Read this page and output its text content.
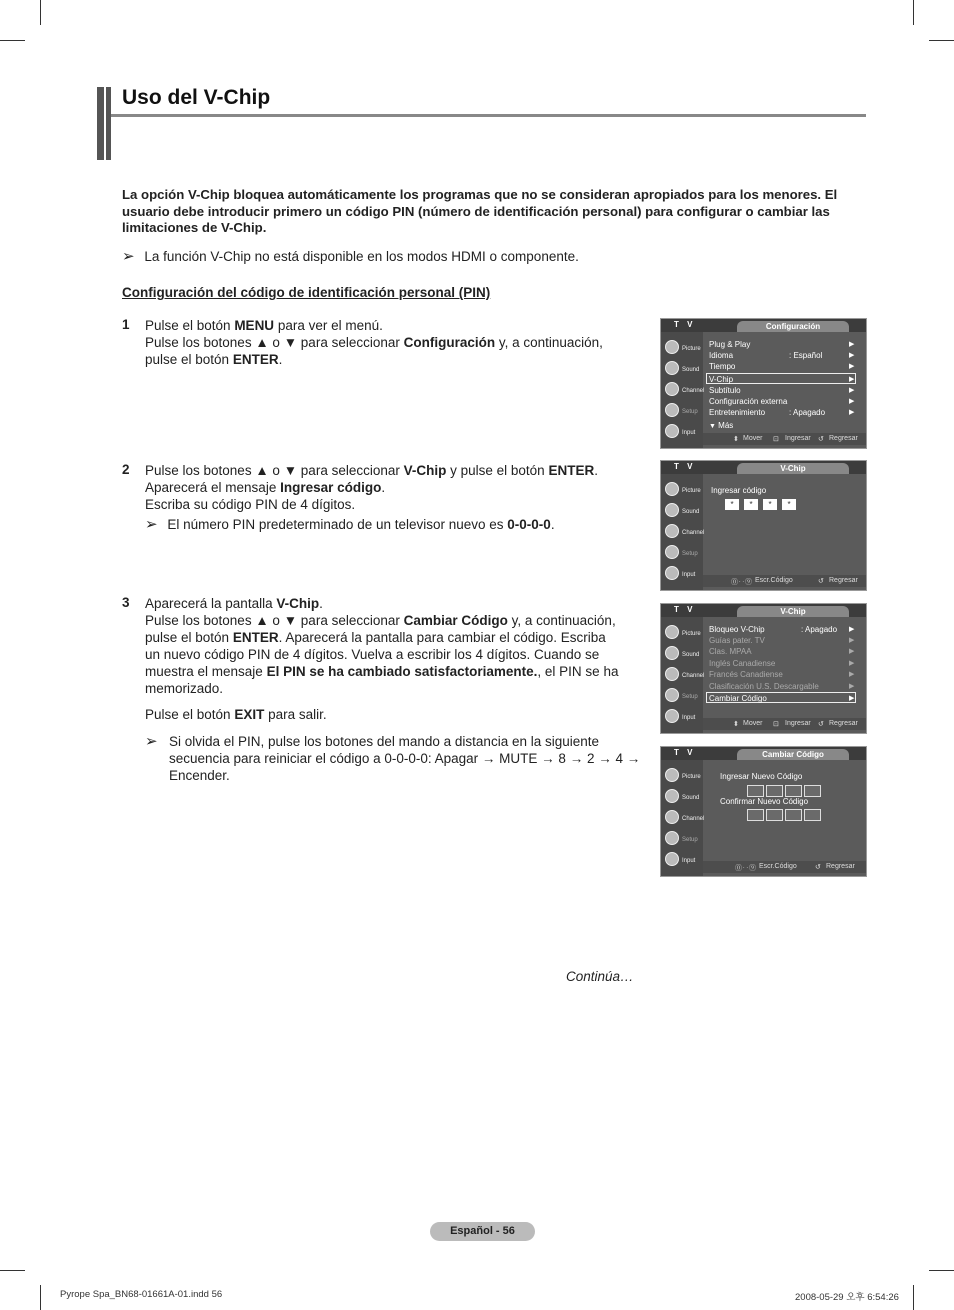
Uso del V-Chip
La opción V-Chip bloquea automáticamente los programas que no se consideran apropiados para los menores. El usuario debe introducir primero un código PIN (número de identificación personal) para configurar o cambiar las limitaciones de V-Chip.
➢ La función V-Chip no está disponible en los modos HDMI o componente.
Configuración del código de identificación personal (PIN)
1 Pulse el botón MENU para ver el menú.
Pulse los botones ▲ o ▼ para seleccionar Configuración y, a continuación,
pulse el botón ENTER.
2 Pulse los botones ▲ o ▼ para seleccionar V-Chip y pulse el botón ENTER.
Aparecerá el mensaje Ingresar código.
Escriba su código PIN de 4 dígitos.
➢ El número PIN predeterminado de un televisor nuevo es 0-0-0-0.
3 Aparecerá la pantalla V-Chip.
Pulse los botones ▲ o ▼ para seleccionar Cambiar Código y, a continuación,
pulse el botón ENTER. Aparecerá la pantalla para cambiar el código. Escriba
un nuevo código PIN de 4 dígitos. Vuelva a escribir los 4 dígitos. Cuando se
muestra el mensaje El PIN se ha cambiado satisfactoriamente., el PIN se ha
memorizado.
Pulse el botón EXIT para salir.
➢ Si olvida el PIN, pulse los botones del mando a distancia en la siguiente secuencia para reiniciar el código a 0-0-0-0: Apagar → MUTE → 8 → 2 → 4 → Encender.
T V	Configuración
Picture
Sound
Channel
Setup
Input
Plug & Play	▶
Idioma	: Español	▶
Tiempo	▶
V-Chip	▶
Subtítulo	▶
Configuración externa	▶
Entretenimiento	: Apagado	▶
▼ Más
⬍ Mover ⊡ Ingresar ↺ Regresar
T V	V-Chip
Picture
Sound
Channel
Setup
Input
Ingresar código
*	*	*	*
⓪‥⑨ Escr.Código	↺ Regresar
T V	V-Chip
Picture
Sound
Channel
Setup
Input
Bloqueo V-Chip	: Apagado ▶
Guías pater. TV	▶
Clas. MPAA	▶
Inglés Canadiense	▶
Francés Canadiense	▶
Clasificación U.S. Descargable	▶
Cambiar Código	▶
⬍ Mover ⊡ Ingresar ↺ Regresar
T V	Cambiar Código
Picture
Sound
Channel
Setup
Input
Ingresar Nuevo Código
Confirmar Nuevo Código
⓪‥⑨ Escr.Código	↺ Regresar
Continúa…
Español - 56
Pyrope Spa_BN68-01661A-01.indd 56	2008-05-29 오후 6:54:26
